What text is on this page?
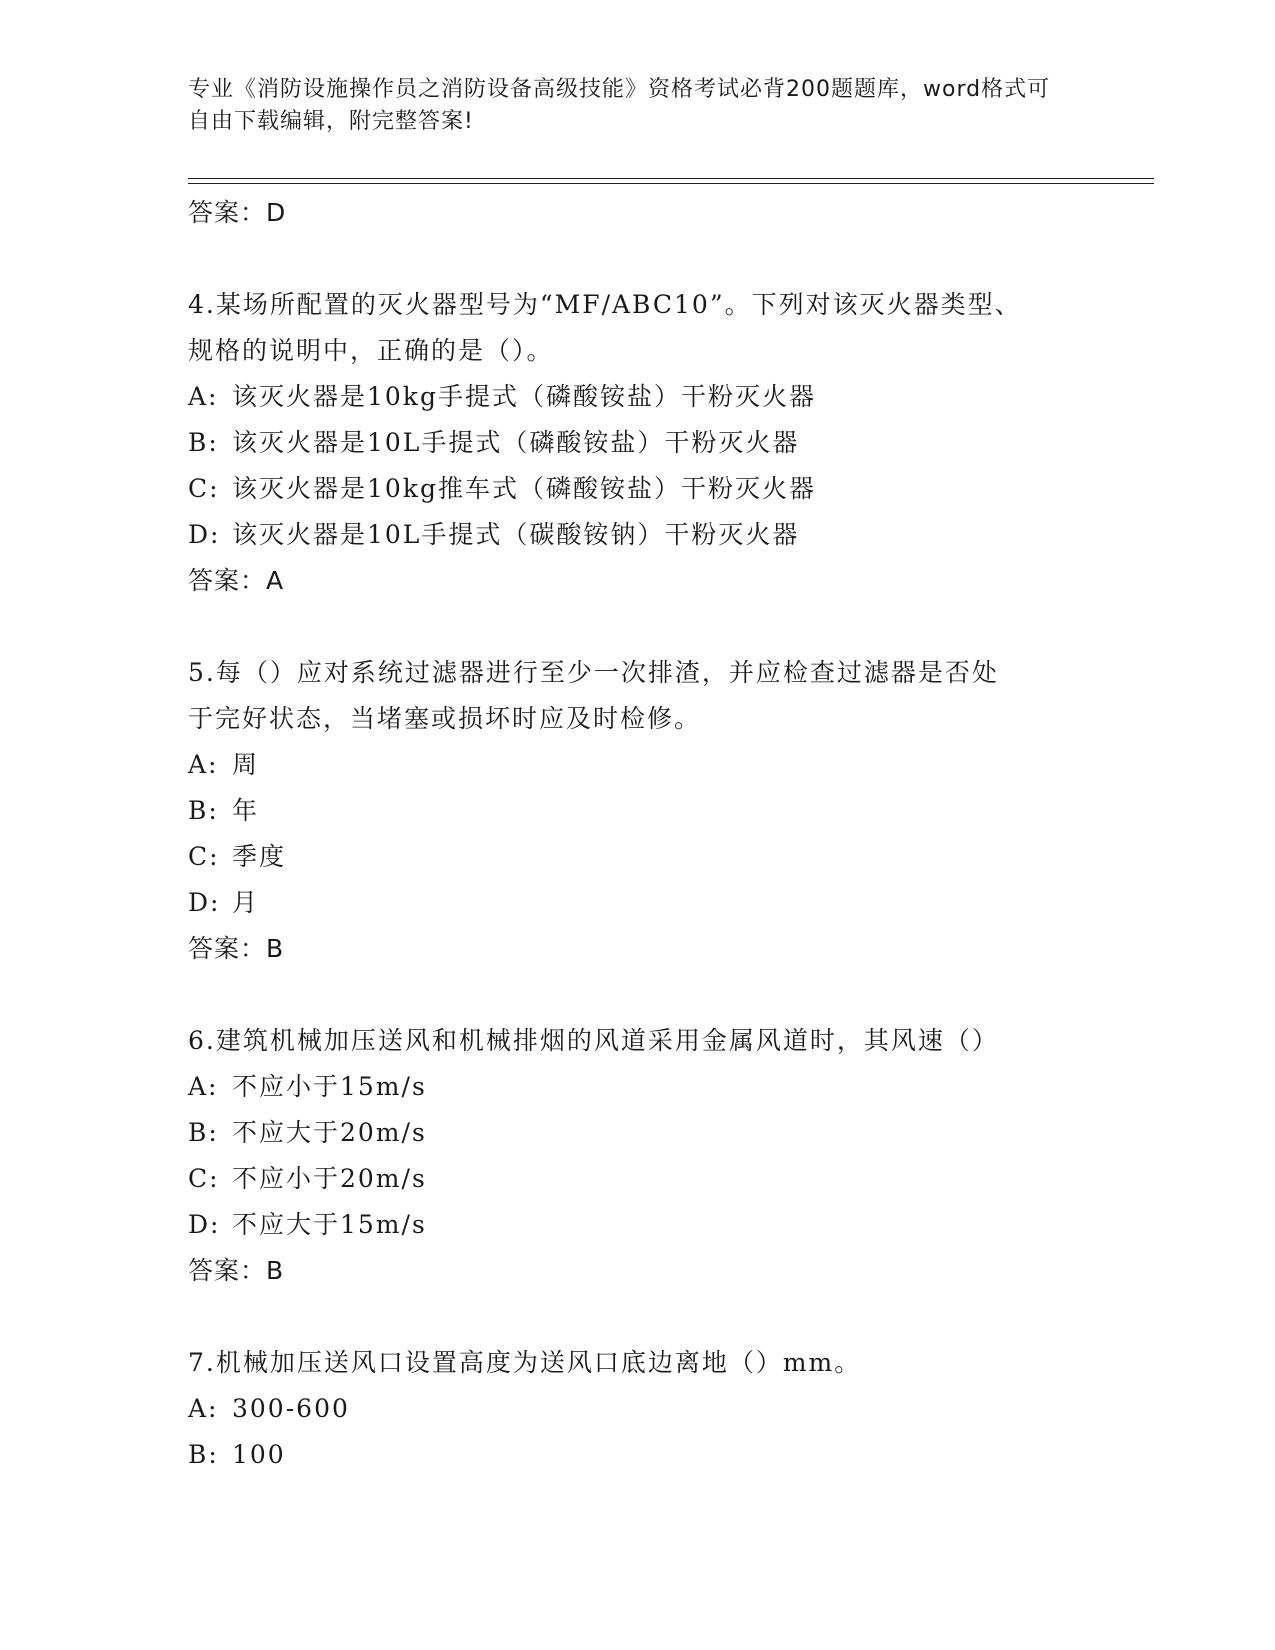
专业《消防设施操作员之消防设备高级技能》资格考试必背200题题库，word格式可自由下载编辑，附完整答案!
答案：D
4.某场所配置的灭火器型号为“MF/ABC10”。下列对该灭火器类型、
规格的说明中，正确的是（）。
A: 该灭火器是10kg手提式（磷酸铵盐）干粉灭火器
B: 该灭火器是10L手提式（磷酸铵盐）干粉灭火器
C: 该灭火器是10kg推车式（磷酸铵盐）干粉灭火器
D: 该灭火器是10L手提式（碳酸铵钠）干粉灭火器
答案：A
5.每（）应对系统过滤器进行至少一次排渣，并应检查过滤器是否处
于完好状态，当堵塞或损坏时应及时检修。
A: 周
B: 年
C: 季度
D: 月
答案：B
6.建筑机械加压送风和机械排烟的风道采用金属风道时，其风速（）
A: 不应小于15m/s
B: 不应大于20m/s
C: 不应小于20m/s
D: 不应大于15m/s
答案：B
7.机械加压送风口设置高度为送风口底边离地（）mm。
A: 300-600
B: 100
